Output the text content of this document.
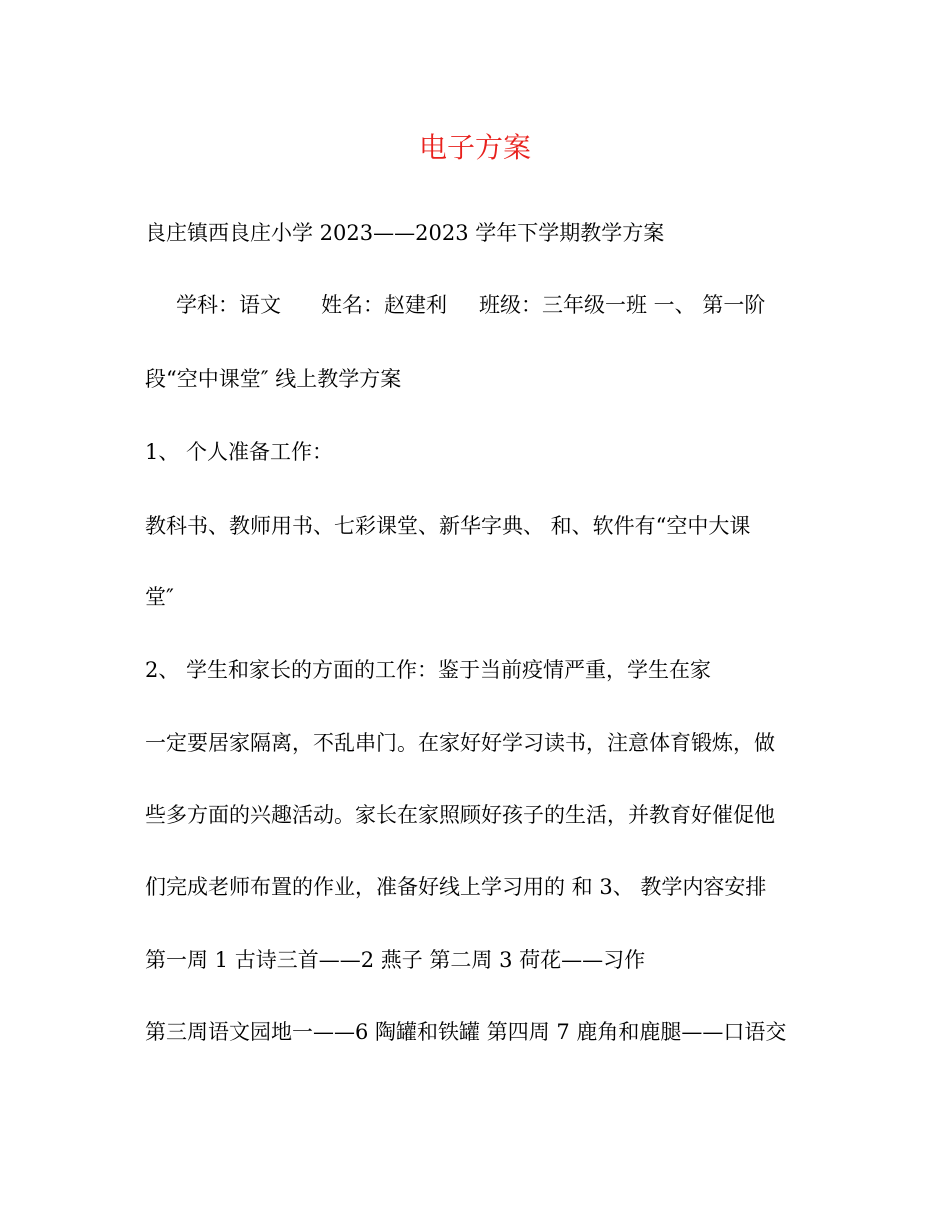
电子方案
良庄镇西良庄小学 2023——2023 学年下学期教学方案
学科：语文 姓名：赵建利 班级：三年级一班 一、 第一阶
段“空中课堂″ 线上教学方案
1、 个人准备工作：
教科书、教师用书、七彩课堂、新华字典、 和、软件有“空中大课
堂″
2、 学生和家长的方面的工作：鉴于当前疫情严重，学生在家
一定要居家隔离，不乱串门。在家好好学习读书，注意体育锻炼，做
些多方面的兴趣活动。家长在家照顾好孩子的生活，并教育好催促他
们完成老师布置的作业，准备好线上学习用的 和 3、 教学内容安排
第一周 1 古诗三首——2 燕子 第二周 3 荷花——习作
第三周语文园地一——6 陶罐和铁罐 第四周 7 鹿角和鹿腿——口语交
